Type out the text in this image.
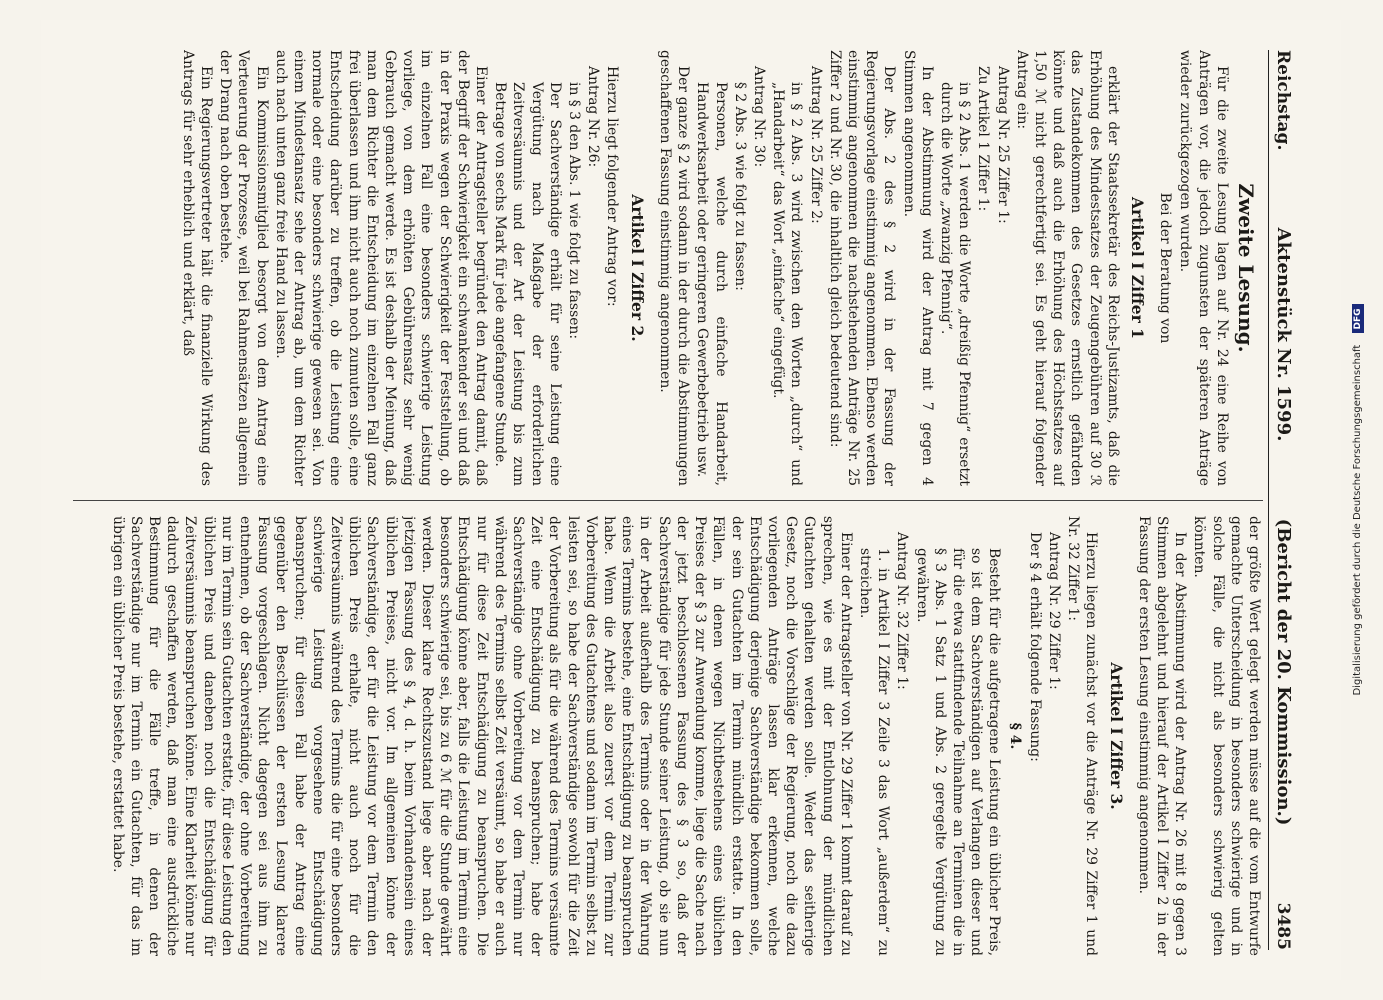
Reichstag.
Aktenstück Nr. 1599.
(Bericht der 20. Kommission.)
3485
Zweite Lesung.

Für die zweite Lesung lagen auf Nr. 24 eine Reihe von Anträgen vor, die jedoch zugunsten der späteren Anträge wieder zurückgezogen wurden.

Bei der Beratung von
Artikel I Ziffer 1

erklärt der Staatssekretär des Reichs-Justizamts, daß die Erhöhung des Mindestsatzes der Zeugengebühren auf 30 ℛ das Zustandekommen des Gesetzes ernstlich gefährden könnte und daß auch die Erhöhung des Höchstsatzes auf 1,50 ℳ nicht gerechtfertigt sei. Es geht hierauf folgender Antrag ein:

Antrag Nr. 25 Ziffer 1:

Zu Artikel 1 Ziffer 1:

in § 2 Abs. 1 werden die Worte „dreißig Pfennig“ ersetzt durch die Worte „zwanzig Pfennig“.

In der Abstimmung wird der Antrag mit 7 gegen 4 Stimmen angenommen.

Der Abs. 2 des § 2 wird in der Fassung der Regierungsvorlage einstimmig angenommen. Ebenso werden einstimmig angenommen die nachstehenden Anträge Nr. 25 Ziffer 2 und Nr. 30, die inhaltlich gleich bedeutend sind:

Antrag Nr. 25 Ziffer 2:

in § 2 Abs. 3 wird zwischen den Worten „durch“ und „Handarbeit“ das Wort „einfache“ eingefügt.

Antrag Nr. 30:

§ 2 Abs. 3 wie folgt zu fassen:

Personen, welche durch einfache Handarbeit, Handwerksarbeit oder geringeren Gewerbebetrieb usw.

Der ganze § 2 wird sodann in der durch die Abstimmungen geschaffenen Fassung einstimmig angenommen.

Artikel I Ziffer 2.

Hierzu liegt folgender Antrag vor:

Antrag Nr. 26:

in § 3 den Abs. 1 wie folgt zu fassen:

Der Sachverständige erhält für seine Leistung eine Vergütung nach Maßgabe der erforderlichen Zeitversäumnis und der Art der Leistung bis zum Betrage von sechs Mark für jede angefangene Stunde.

Einer der Antragsteller begründet den Antrag damit, daß der Begriff der Schwierigkeit ein schwankender sei und daß in der Praxis wegen der Schwierigkeit der Feststellung, ob im einzelnen Fall eine besonders schwierige Leistung vorliege, von dem erhöhten Gebührensatz sehr wenig Gebrauch gemacht werde. Es ist deshalb der Meinung, daß man dem Richter die Entscheidung im einzelnen Fall ganz frei überlassen und ihm nicht auch noch zumuten solle, eine Entscheidung darüber zu treffen, ob die Leistung eine normale oder eine besonders schwierige gewesen sei. Von einem Mindestansatz sehe der Antrag ab, um dem Richter auch nach unten ganz freie Hand zu lassen.

Ein Kommissionsmitglied besorgt von dem Antrag eine Verteuerung der Prozesse, weil bei Rahmensätzen allgemein der Drang nach oben bestehe.

Ein Regierungsvertreter hält die finanzielle Wirkung des Antrags für sehr erheblich und erklärt, daß

der größte Wert gelegt werden müsse auf die vom Entwurfe gemachte Unterscheidung in besonders schwierige und in solche Fälle, die nicht als besonders schwierig gelten könnten.

In der Abstimmung wird der Antrag Nr. 26 mit 8 gegen 3 Stimmen abgelehnt und hierauf der Artikel I Ziffer 2 in der Fassung der ersten Lesung einstimmig angenommen.

Artikel I Ziffer 3.

Hierzu liegen zunächst vor die Anträge Nr. 29 Ziffer 1 und Nr. 32 Ziffer 1:

Antrag Nr. 29 Ziffer 1:

Der § 4 erhält folgende Fassung:

§ 4.

Besteht für die aufgetragene Leistung ein üblicher Preis, so ist dem Sachverständigen auf Verlangen dieser und für die etwa stattfindende Teilnahme an Terminen die in § 3 Abs. 1 Satz 1 und Abs. 2 geregelte Vergütung zu gewähren.

Antrag Nr. 32 Ziffer 1:

1. in Artikel I Ziffer 3 Zeile 3 das Wort „außerdem“ zu streichen.

Einer der Antragsteller von Nr. 29 Ziffer 1 kommt darauf zu sprechen, wie es mit der Entlohnung der mündlichen Gutachten gehalten werden solle. Weder das seitherige Gesetz, noch die Vorschläge der Regierung, noch die dazu vorliegenden Anträge lassen klar erkennen, welche Entschädigung derjenige Sachverständige bekommen solle, der sein Gutachten im Termin mündlich erstatte. In den Fällen, in denen wegen Nichtbestehens eines üblichen Preises der § 3 zur Anwendung komme, liege die Sache nach der jetzt beschlossenen Fassung des § 3 so, daß der Sachverständige für jede Stunde seiner Leistung, ob sie nun in der Arbeit außerhalb des Termins oder in der Wahrung eines Termins bestehe, eine Entschädigung zu beanspruchen habe. Wenn die Arbeit also zuerst vor dem Termin zur Vorbereitung des Gutachtens und sodann im Termin selbst zu leisten sei, so habe der Sachverständige sowohl für die Zeit der Vorbereitung als für die während des Termins versäumte Zeit eine Entschädigung zu beanspruchen; habe der Sachverständige ohne Vorbereitung vor dem Termin nur während des Termins selbst Zeit versäumt, so habe er auch nur für diese Zeit Entschädigung zu beanspruchen. Die Entschädigung könne aber, falls die Leistung im Termin eine besonders schwierige sei, bis zu 6 ℳ für die Stunde gewährt werden. Dieser klare Rechtszustand liege aber nach der jetzigen Fassung des § 4, d. h. beim Vorhandensein eines üblichen Preises, nicht vor. Im allgemeinen könne der Sachverständige, der für die Leistung vor dem Termin den üblichen Preis erhalte, nicht auch noch für die Zeitversäumnis während des Termins die für eine besonders schwierige Leistung vorgesehene Entschädigung beanspruchen; für diesen Fall habe der Antrag eine gegenüber den Beschlüssen der ersten Lesung klarere Fassung vorgeschlagen. Nicht dagegen sei aus ihm zu entnehmen, ob der Sachverständige, der ohne Vorbereitung nur im Termin sein Gutachten erstatte, für diese Leistung den üblichen Preis und daneben noch die Entschädigung für Zeitversäumnis beanspruchen könne. Eine Klarheit könne nur dadurch geschaffen werden, daß man eine ausdrückliche Bestimmung für die Fälle treffe, in denen der Sachverständige nur im Termin ein Gutachten, für das im übrigen ein üblicher Preis bestehe, erstattet habe.	Digitalisierung gefördert durch die Deutsche Forschungsgemeinschaft DFG
